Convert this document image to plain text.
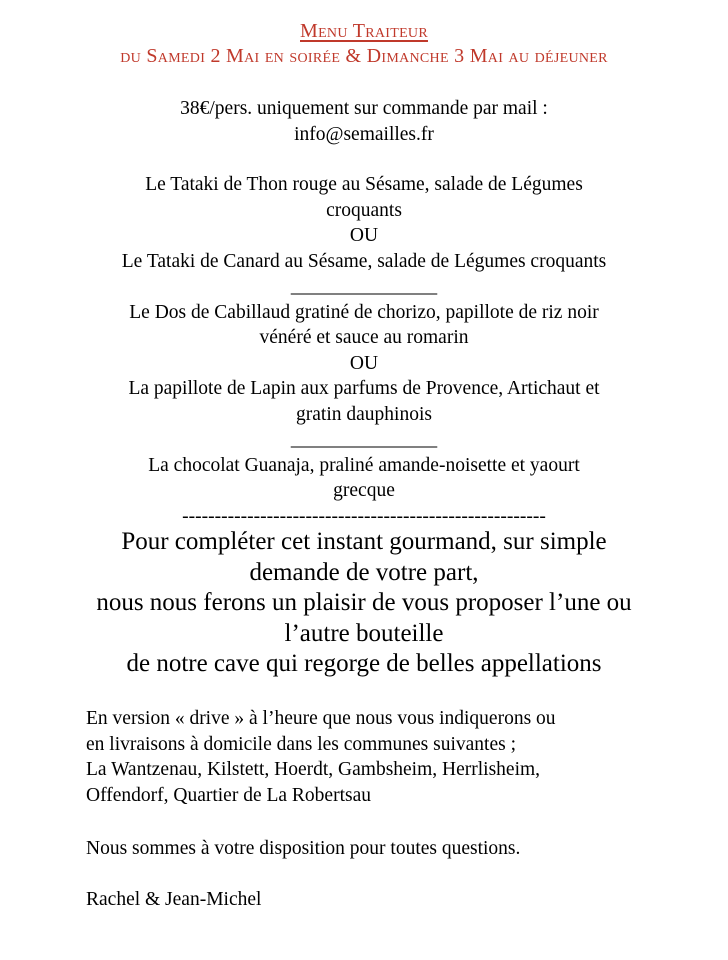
Menu Traiteur
du Samedi 2 Mai en soirée & Dimanche 3 Mai au déjeuner
38€/pers. uniquement sur commande par mail :
info@semailles.fr
Le Tataki de Thon rouge au Sésame, salade de Légumes
croquants
OU
Le Tataki de Canard au Sésame, salade de Légumes croquants
_______________
Le Dos de Cabillaud gratiné de chorizo, papillote de riz noir
vénéré et sauce au romarin
OU
La papillote de Lapin aux parfums de Provence, Artichaut et
gratin dauphinois
_______________
La chocolat Guanaja, praliné amande-noisette et yaourt
grecque
--------------------------------------------------------
Pour compléter cet instant gourmand, sur simple
demande de votre part,
nous nous ferons un plaisir de vous proposer l’une ou
l’autre bouteille
de notre cave qui regorge de belles appellations
En version « drive » à l’heure que nous vous indiquerons ou
en livraisons à domicile dans les communes suivantes ;
La Wantzenau, Kilstett, Hoerdt, Gambsheim, Herrlisheim,
Offendorf, Quartier de La Robertsau
Nous sommes à votre disposition pour toutes questions.
Rachel & Jean-Michel
